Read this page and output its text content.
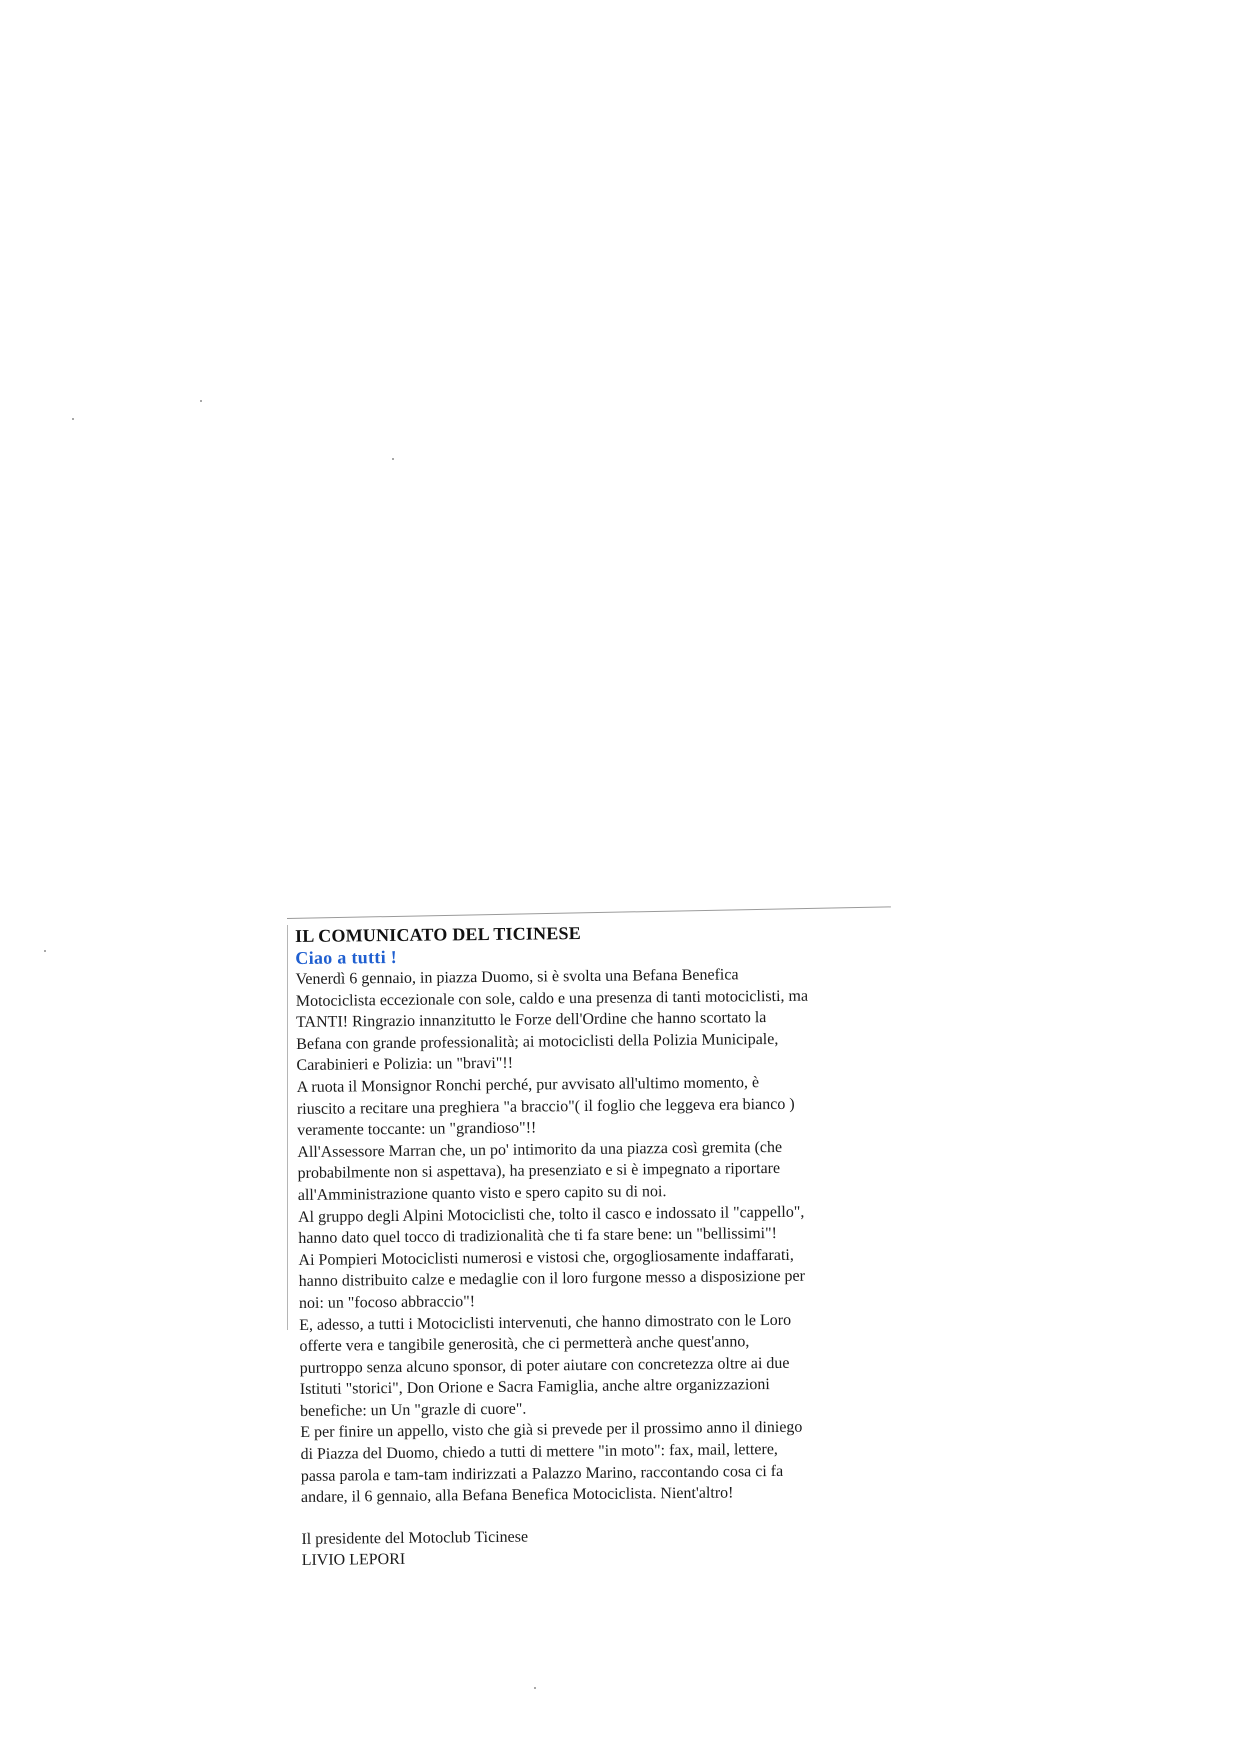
IL COMUNICATO DEL TICINESE

Ciao a tutti !

Venerdì 6 gennaio, in piazza Duomo, si è svolta una Befana Benefica
Motociclista eccezionale con sole, caldo e una presenza di tanti motociclisti, ma
TANTI! Ringrazio innanzitutto le Forze dell'Ordine che hanno scortato la
Befana con grande professionalità; ai motociclisti della Polizia Municipale,
Carabinieri e Polizia: un "bravi"!!
A ruota il Monsignor Ronchi perché, pur avvisato all'ultimo momento, è
riuscito a recitare una preghiera "a braccio"( il foglio che leggeva era bianco )
veramente toccante: un "grandioso"!!
All'Assessore Marran che, un po' intimorito da una piazza così gremita (che
probabilmente non si aspettava), ha presenziato e si è impegnato a riportare
all'Amministrazione quanto visto e spero capito su di noi.
Al gruppo degli Alpini Motociclisti che, tolto il casco e indossato il "cappello",
hanno dato quel tocco di tradizionalità che ti fa stare bene: un "bellissimi"!
Ai Pompieri Motociclisti numerosi e vistosi che, orgogliosamente indaffarati,
hanno distribuito calze e medaglie con il loro furgone messo a disposizione per
noi: un "focoso abbraccio"!
E, adesso, a tutti i Motociclisti intervenuti, che hanno dimostrato con le Loro
offerte vera e tangibile generosità, che ci permetterà anche quest'anno,
purtroppo senza alcuno sponsor, di poter aiutare con concretezza oltre ai due
Istituti "storici", Don Orione e Sacra Famiglia, anche altre organizzazioni
benefiche: un Un "grazle di cuore".
E per finire un appello, visto che già si prevede per il prossimo anno il diniego
di Piazza del Duomo, chiedo a tutti di mettere "in moto": fax, mail, lettere,
passa parola e tam-tam indirizzati a Palazzo Marino, raccontando cosa ci fa
andare, il 6 gennaio, alla Befana Benefica Motociclista. Nient'altro!
Il presidente del Motoclub Ticinese
LIVIO LEPORI
